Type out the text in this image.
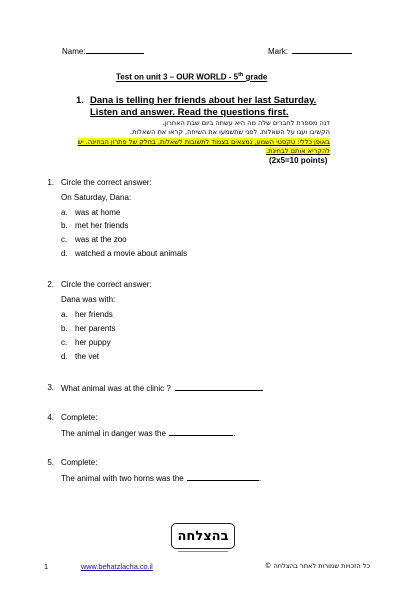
Name:	Mark:
Test on unit 3 – OUR WORLD - 5th grade
1. Dana is telling her friends about her last Saturday.
Listen and answer. Read the questions first.
דנה מספרת לחברים שלה מה היא עשתה ביום שבת האחרון.
הקשיבו וענו על השאלות. לפני שתשמעו את השיחה, קראו את השאלות.
באופן כללי: טקסטי השמע, נמצאים בצמוד לתשובות לשאלות, בחלק של פתרון הבחינה. יש
להקריא אותם לבחינת.
(2x5=10 points)
1. Circle the correct answer:
On Saturday, Dana:
a. was at home
b. met her friends
c. was at the zoo
d. watched a movie about animals
2. Circle the correct answer:
Dana was with:
a. her friends
b. her parents
c. her puppy
d. the vet
3. What animal was at the clinic ?
4. Complete:
The animal in danger was the	.
5. Complete:
The animal with two horns was the	.
בהצלחה
1	www.behatzlacha.co.il	כל הזכויות שמורות לאתר בהצלחה ©
